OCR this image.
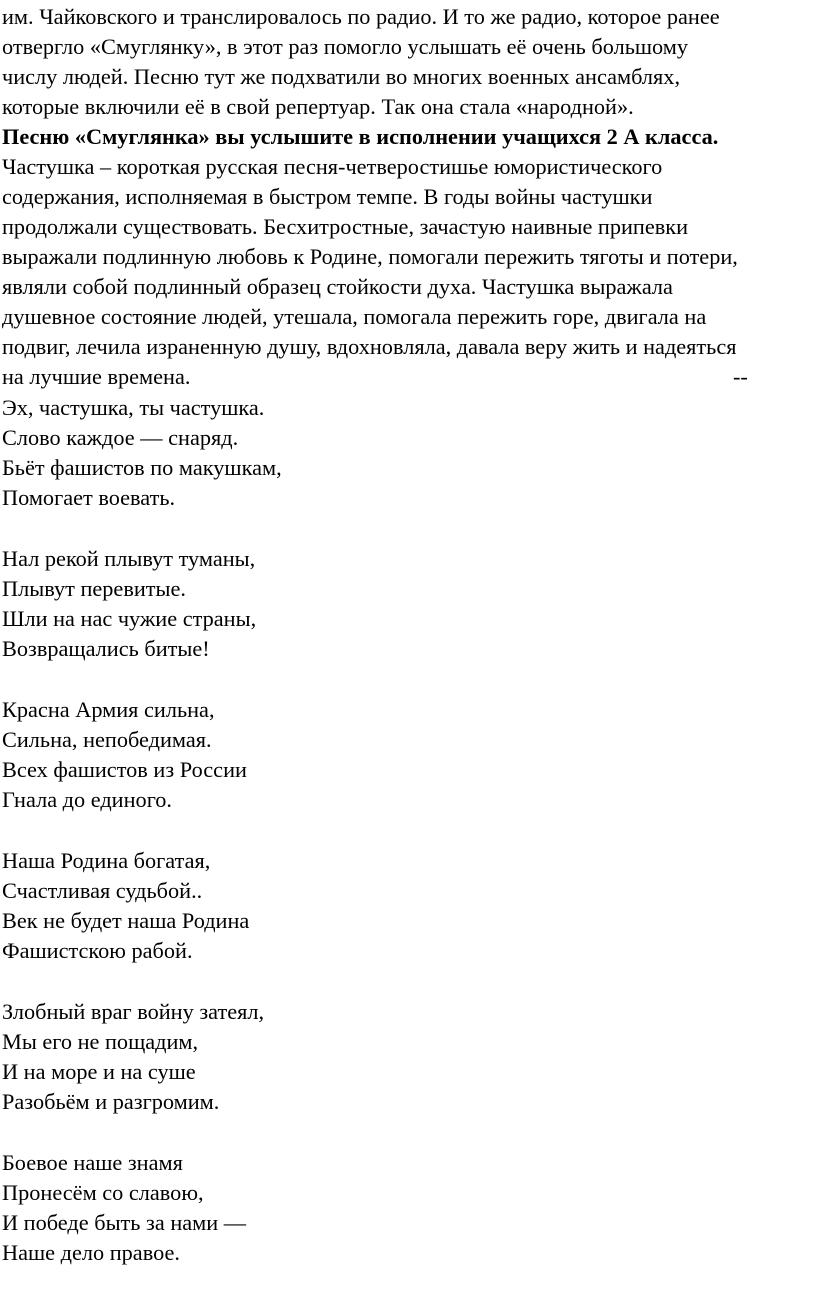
им. Чайковского и транслировалось по радио. И то же радио, которое ранее

отвергло «Смуглянку», в этот раз помогло услышать её очень большому

числу людей. Песню тут же подхватили во многих военных ансамблях,

которые включили её в свой репертуар. Так она стала «народной».

Песню «Смуглянка» вы услышите в исполнении учащихся 2 А класса.

Частушка – короткая русская песня-четверостишье юмористического

содержания, исполняемая в быстром темпе. В годы войны частушки

продолжали существовать. Бесхитростные, зачастую наивные припевки

выражали подлинную любовь к Родине, помогали пережить тяготы и потери,

являли собой подлинный образец стойкости духа. Частушка выражала

душевное состояние людей, утешала, помогала пережить горе, двигала на

подвиг, лечила израненную душу, вдохновляла, давала веру жить и надеяться

на лучшие времена.	--

Эх, частушка, ты частушка.

Слово каждое — снаряд.

Бьёт фашистов по макушкам,

Помогает воевать.

Нал рекой плывут туманы,

Плывут перевитые.

Шли на нас чужие страны,

Возвращались битые!

Красна Армия сильна,

Сильна, непобедимая.

Всех фашистов из России

Гнала до единого.

Наша Родина богатая,

Счастливая судьбой..

Век не будет наша Родина

Фашистскою рабой.

Злобный враг войну затеял,

Мы его не пощадим,

И на море и на суше

Разобьём и разгромим.

Боевое наше знамя

Пронесём со славою,

И победе быть за нами —

Наше дело правое.
